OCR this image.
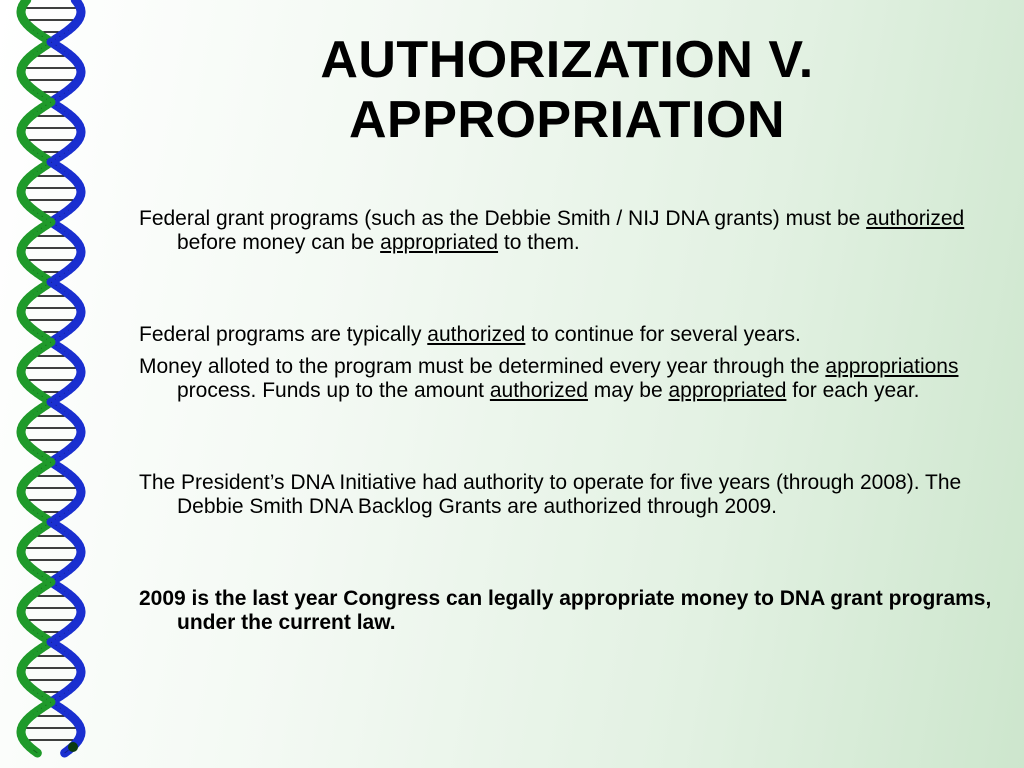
AUTHORIZATION V.
APPROPRIATION

Federal grant programs (such as the Debbie Smith / NIJ DNA grants) must be authorized before money can be appropriated to them.

Federal programs are typically authorized to continue for several years.

Money alloted to the program must be determined every year through the appropriations process. Funds up to the amount authorized may be appropriated for each year.

The President’s DNA Initiative had authority to operate for five years (through 2008). The Debbie Smith DNA Backlog Grants are authorized through 2009.

2009 is the last year Congress can legally appropriate money to DNA grant programs, under the current law.
